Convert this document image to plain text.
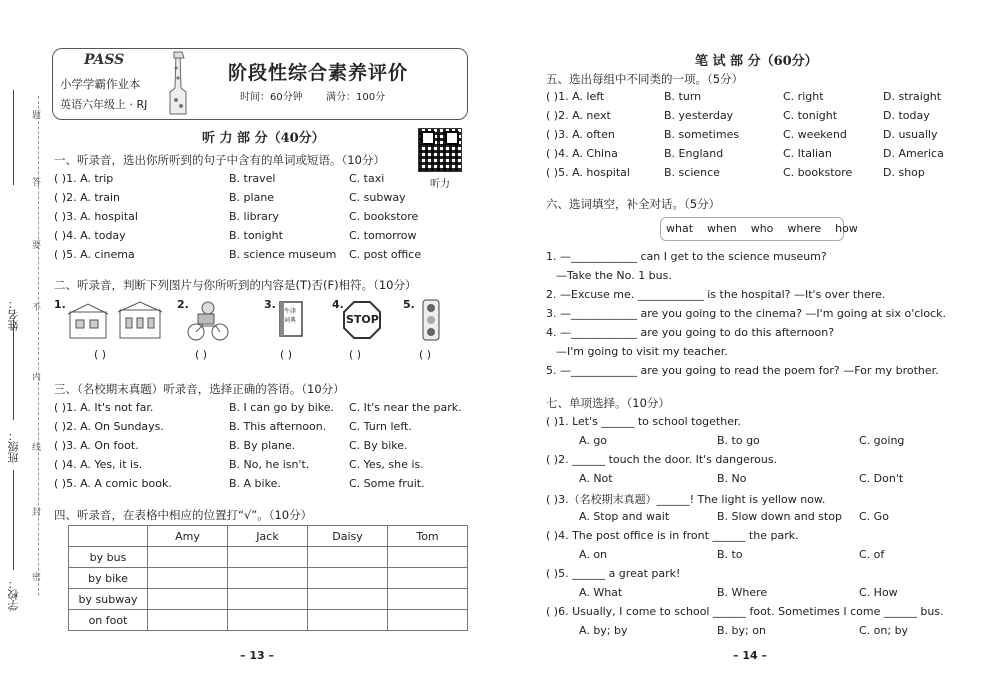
学校：
班级：
姓名：
题
答
要
不
内
线
封
密
PASS
小学学霸作业本
英语六年级上 · RJ
阶段性综合素养评价
时间：60分钟 满分：100分
听 力 部 分（40分）
听力
一、听录音，选出你所听到的句子中含有的单词或短语。（10分）
( )1. A. trip	B. travel	C. taxi
( )2. A. train	B. plane	C. subway
( )3. A. hospital	B. library	C. bookstore
( )4. A. today	B. tonight	C. tomorrow
( )5. A. cinema	B. science museum C. post office
二、听录音，判断下列图片与你所听到的内容是(T)否(F)相符。（10分）
1.	2.	3.	4.	5.
牛津词典	STOP
( )	( )	( )	( )	( )
三、（名校期末真题）听录音，选择正确的答语。（10分）
( )1. A. It's not far.	B. I can go by bike. C. It's near the park.
( )2. A. On Sundays.	B. This afternoon. C. Turn left.
( )3. A. On foot.	B. By plane.	C. By bike.
( )4. A. Yes, it is.	B. No, he isn't.	C. Yes, she is.
( )5. A. A comic book.	B. A bike.	C. Some fruit.
四、听录音，在表格中相应的位置打“√”。（10分）
	Amy	Jack	Daisy	Tom
by bus				
by bike				
by subway				
on foot				
– 13 –
笔 试 部 分（60分）
五、选出每组中不同类的一项。（5分）
( )1. A. left	B. turn	C. right	D. straight
( )2. A. next	B. yesterday	C. tonight	D. today
( )3. A. often	B. sometimes	C. weekend	D. usually
( )4. A. China	B. England	C. Italian	D. America
( )5. A. hospital	B. science	C. bookstore	D. shop
六、选词填空，补全对话。（5分）
what    when    who    where    how
1. —____________ can I get to the science museum?
—Take the No. 1 bus.
2. —Excuse me. ____________ is the hospital? —It's over there.
3. —____________ are you going to the cinema? —I'm going at six o'clock.
4. —____________ are you going to do this afternoon?
—I'm going to visit my teacher.
5. —____________ are you going to read the poem for? —For my brother.
七、单项选择。（10分）
( )1. Let's ______ to school together.
A. go	B. to go	C. going
( )2. ______ touch the door. It's dangerous.
A. Not	B. No	C. Don't
( )3.（名校期末真题）______! The light is yellow now.
A. Stop and wait	B. Slow down and stop C. Go
( )4. The post office is in front ______ the park.
A. on	B. to	C. of
( )5. ______ a great park!
A. What	B. Where	C. How
( )6. Usually, I come to school ______ foot. Sometimes I come ______ bus.
A. by; by	B. by; on	C. on; by
– 14 –
